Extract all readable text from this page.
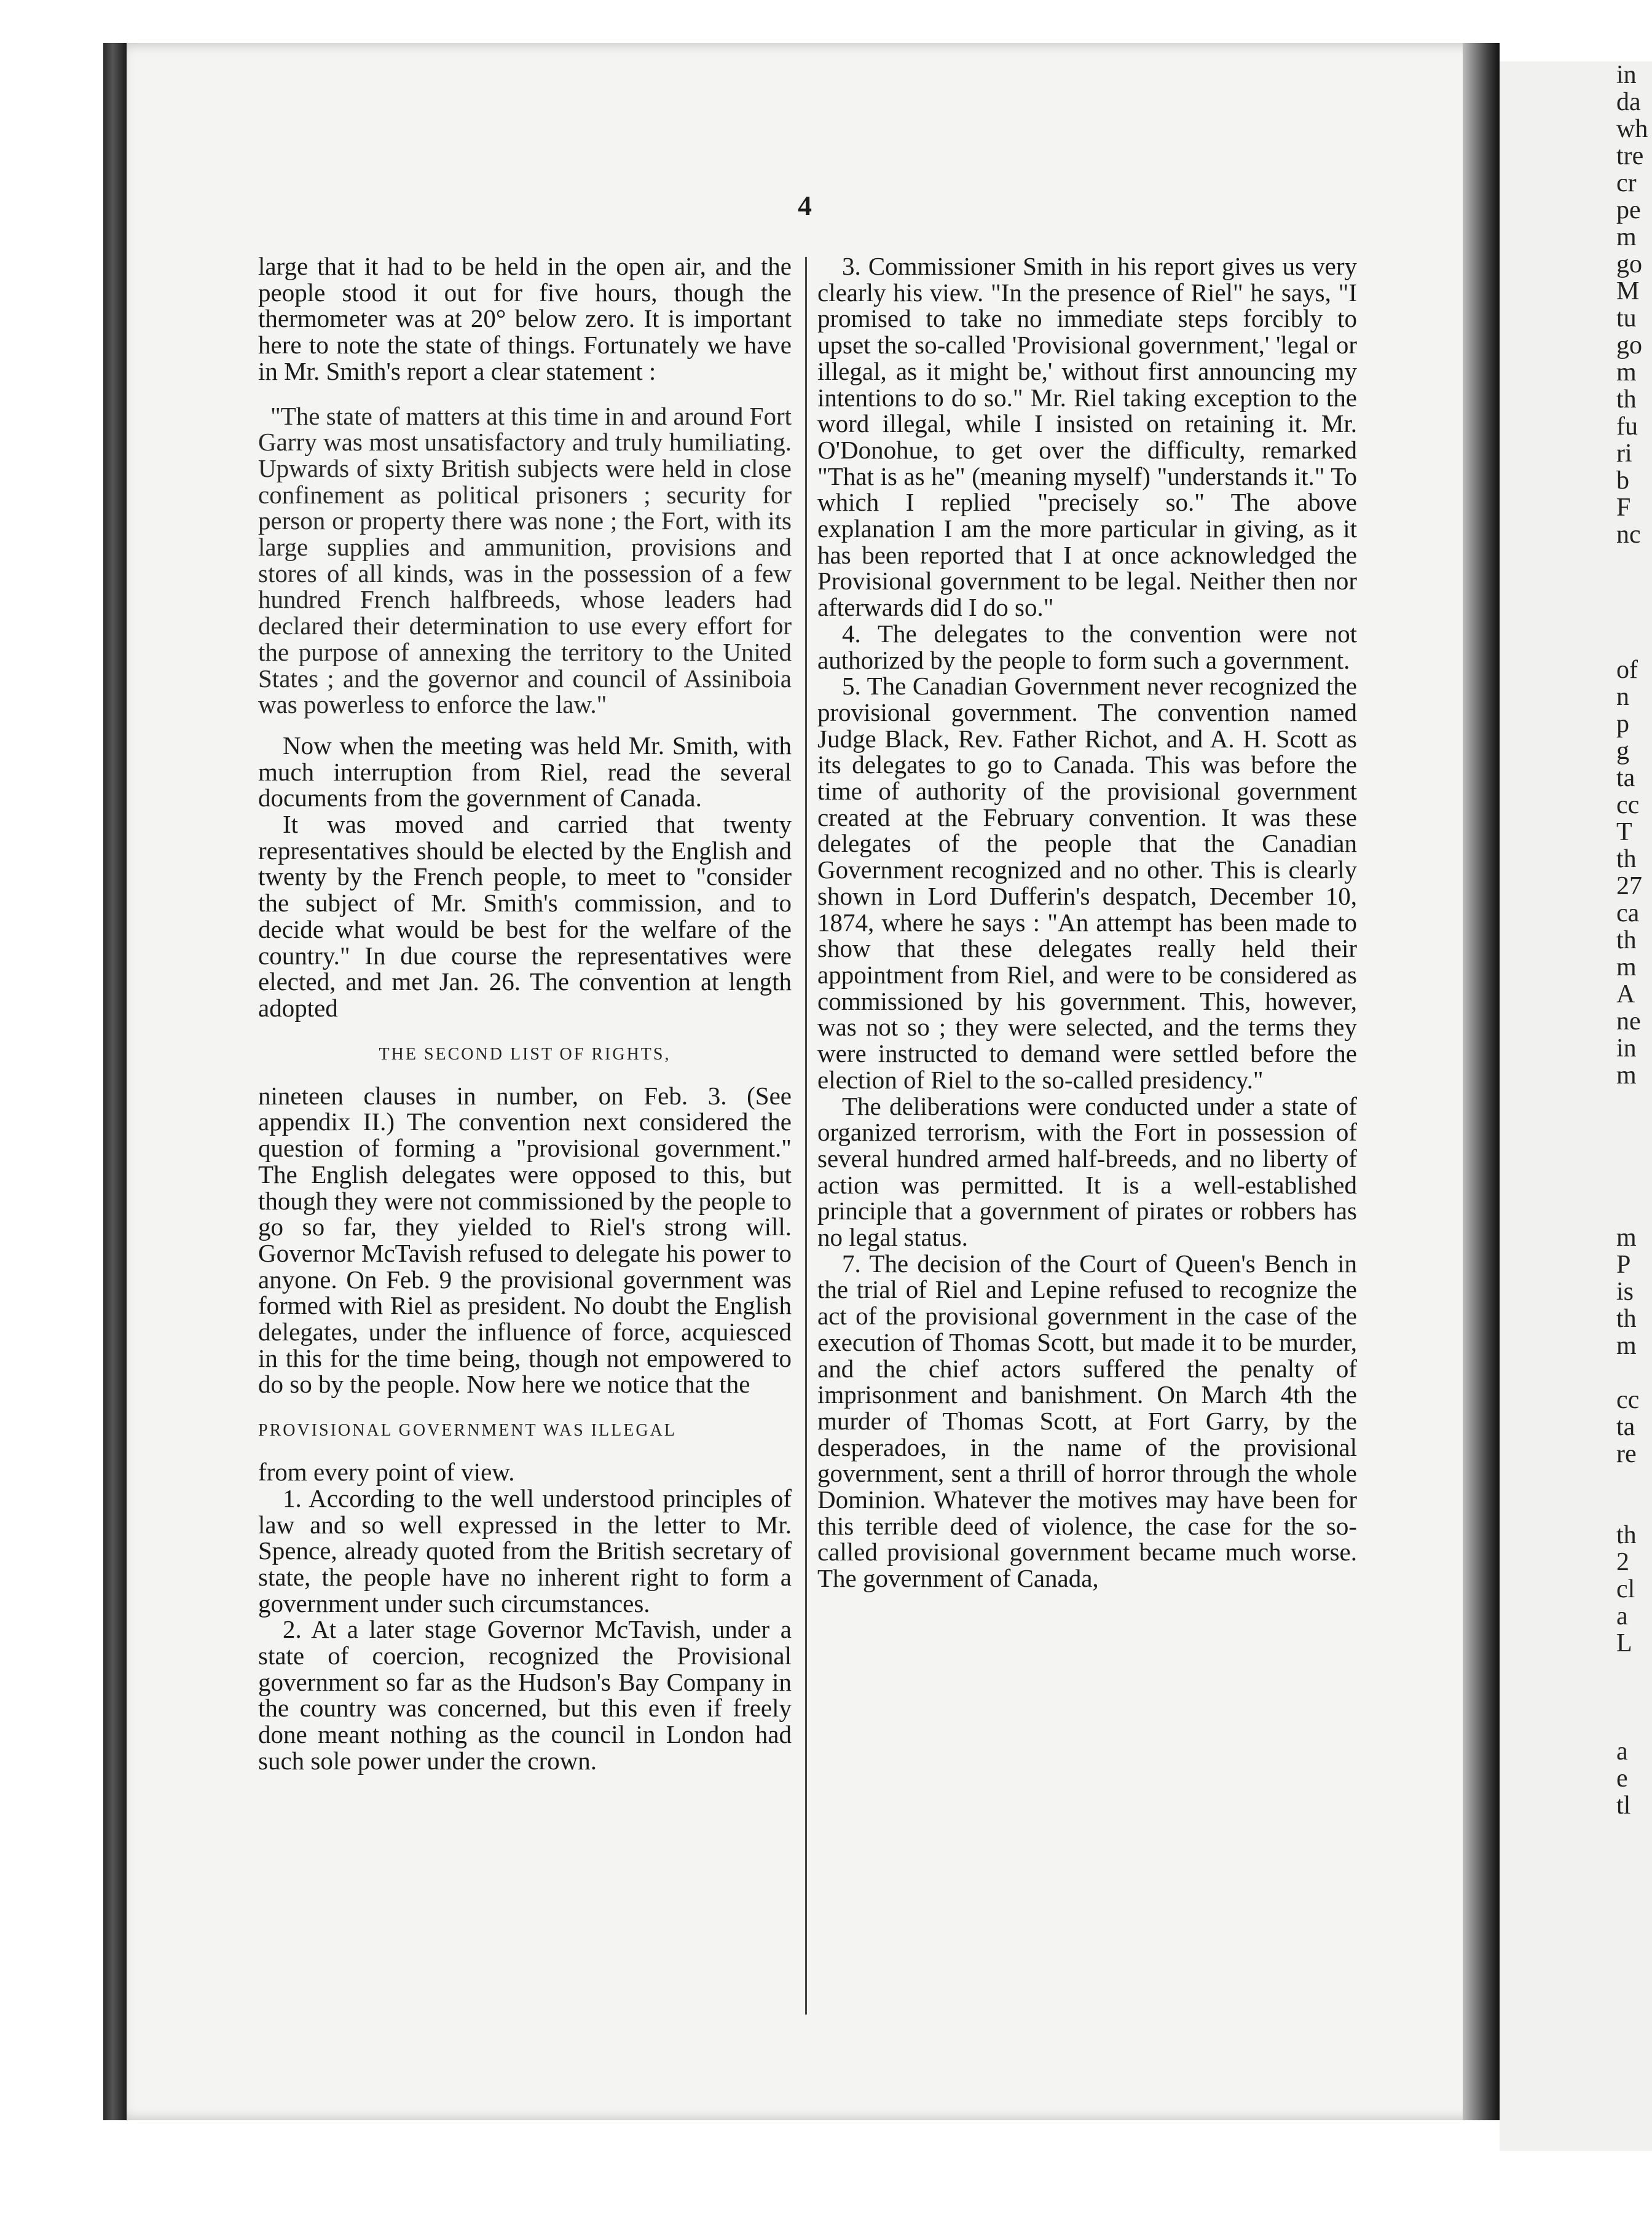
in
da
wh
tre
cr
pe
m
go
M
tu
go
m
th
fu
ri
b
F
nc

of
n
p
g
ta
cc
T
th
27
ca
th
m
A
ne
in
m

m
P
is
th
m

cc
ta
re

th
2
cl
a
L

a
e
tl
4

large that it had to be held in the open air, and the people stood it out for five hours, though the thermometer was at 20° below zero. It is important here to note the state of things. Fortunately we have in Mr. Smith's report a clear statement :

"The state of matters at this time in and around Fort Garry was most unsatisfactory and truly humiliating. Upwards of sixty British subjects were held in close confinement as political prisoners ; security for person or property there was none ; the Fort, with its large supplies and ammunition, provisions and stores of all kinds, was in the possession of a few hundred French halfbreeds, whose leaders had declared their determination to use every effort for the purpose of annexing the territory to the United States ; and the governor and council of Assiniboia was powerless to enforce the law."

Now when the meeting was held Mr. Smith, with much interruption from Riel, read the several documents from the government of Canada.

It was moved and carried that twenty representatives should be elected by the English and twenty by the French people, to meet to "consider the subject of Mr. Smith's commission, and to decide what would be best for the welfare of the country." In due course the representatives were elected, and met Jan. 26. The convention at length adopted

THE SECOND LIST OF RIGHTS,

nineteen clauses in number, on Feb. 3. (See appendix II.) The convention next considered the question of forming a "provisional government." The English delegates were opposed to this, but though they were not commissioned by the people to go so far, they yielded to Riel's strong will. Governor McTavish refused to delegate his power to anyone. On Feb. 9 the provisional government was formed with Riel as president. No doubt the English delegates, under the influence of force, acquiesced in this for the time being, though not empowered to do so by the people. Now here we notice that the

PROVISIONAL GOVERNMENT WAS ILLEGAL

from every point of view.

1. According to the well understood principles of law and so well expressed in the letter to Mr. Spence, already quoted from the British secretary of state, the people have no inherent right to form a government under such circumstances.

2. At a later stage Governor McTavish, under a state of coercion, recognized the Provisional government so far as the Hudson's Bay Company in the country was concerned, but this even if freely done meant nothing as the council in London had such sole power under the crown.

3. Commissioner Smith in his report gives us very clearly his view. "In the presence of Riel" he says, "I promised to take no immediate steps forcibly to upset the so-called 'Provisional government,' 'legal or illegal, as it might be,' without first announcing my intentions to do so." Mr. Riel taking exception to the word illegal, while I insisted on retaining it. Mr. O'Donohue, to get over the difficulty, remarked "That is as he" (meaning myself) "understands it." To which I replied "precisely so." The above explanation I am the more particular in giving, as it has been reported that I at once acknowledged the Provisional government to be legal. Neither then nor afterwards did I do so."

4. The delegates to the convention were not authorized by the people to form such a government.

5. The Canadian Government never recognized the provisional government. The convention named Judge Black, Rev. Father Richot, and A. H. Scott as its delegates to go to Canada. This was before the time of authority of the provisional government created at the February convention. It was these delegates of the people that the Canadian Government recognized and no other. This is clearly shown in Lord Dufferin's despatch, December 10, 1874, where he says : "An attempt has been made to show that these delegates really held their appointment from Riel, and were to be considered as commissioned by his government. This, however, was not so ; they were selected, and the terms they were instructed to demand were settled before the election of Riel to the so-called presidency."

The deliberations were conducted under a state of organized terrorism, with the Fort in possession of several hundred armed half-breeds, and no liberty of action was permitted. It is a well-established principle that a government of pirates or robbers has no legal status.

7. The decision of the Court of Queen's Bench in the trial of Riel and Lepine refused to recognize the act of the provisional government in the case of the execution of Thomas Scott, but made it to be murder, and the chief actors suffered the penalty of imprisonment and banishment. On March 4th the murder of Thomas Scott, at Fort Garry, by the desperadoes, in the name of the provisional government, sent a thrill of horror through the whole Dominion. Whatever the motives may have been for this terrible deed of violence, the case for the so-called provisional government became much worse. The government of Canada,
